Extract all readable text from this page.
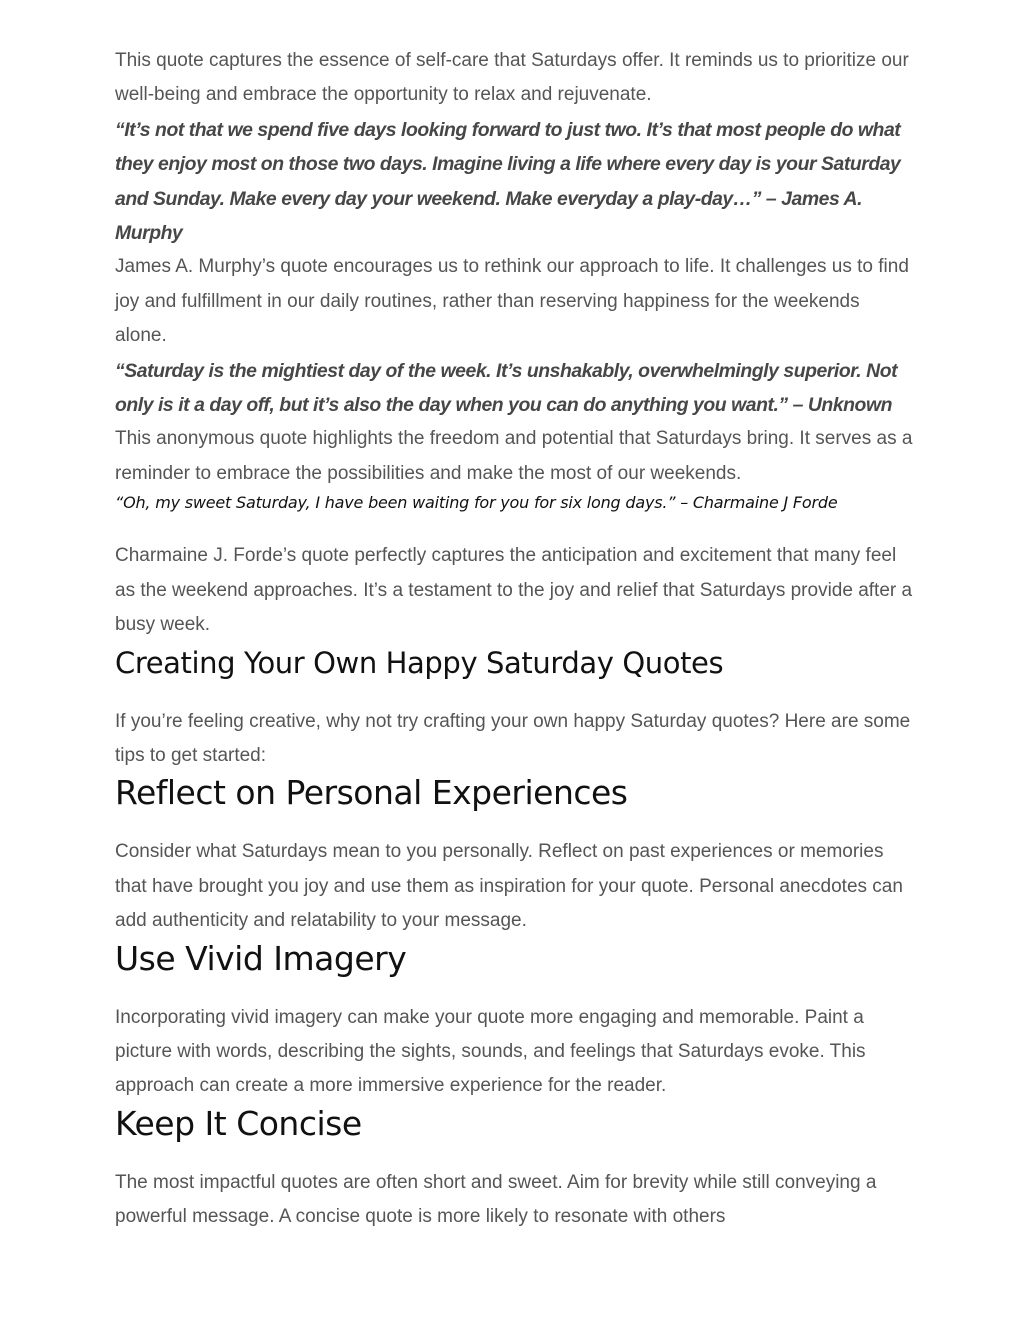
This quote captures the essence of self-care that Saturdays offer. It reminds us to prioritize our well-being and embrace the opportunity to relax and rejuvenate.

“It’s not that we spend five days looking forward to just two. It’s that most people do what they enjoy most on those two days. Imagine living a life where every day is your Saturday and Sunday. Make every day your weekend. Make everyday a play-day…” – James A. Murphy

James A. Murphy’s quote encourages us to rethink our approach to life. It challenges us to find joy and fulfillment in our daily routines, rather than reserving happiness for the weekends alone.

“Saturday is the mightiest day of the week. It’s unshakably, overwhelmingly superior. Not only is it a day off, but it’s also the day when you can do anything you want.” – Unknown

This anonymous quote highlights the freedom and potential that Saturdays bring. It serves as a reminder to embrace the possibilities and make the most of our weekends.

“Oh, my sweet Saturday, I have been waiting for you for six long days.” – Charmaine J Forde

Charmaine J. Forde’s quote perfectly captures the anticipation and excitement that many feel as the weekend approaches. It’s a testament to the joy and relief that Saturdays provide after a busy week.

Creating Your Own Happy Saturday Quotes

If you’re feeling creative, why not try crafting your own happy Saturday quotes? Here are some tips to get started:

Reflect on Personal Experiences

Consider what Saturdays mean to you personally. Reflect on past experiences or memories that have brought you joy and use them as inspiration for your quote. Personal anecdotes can add authenticity and relatability to your message.

Use Vivid Imagery

Incorporating vivid imagery can make your quote more engaging and memorable. Paint a picture with words, describing the sights, sounds, and feelings that Saturdays evoke. This approach can create a more immersive experience for the reader.

Keep It Concise

The most impactful quotes are often short and sweet. Aim for brevity while still conveying a powerful message. A concise quote is more likely to resonate with others
